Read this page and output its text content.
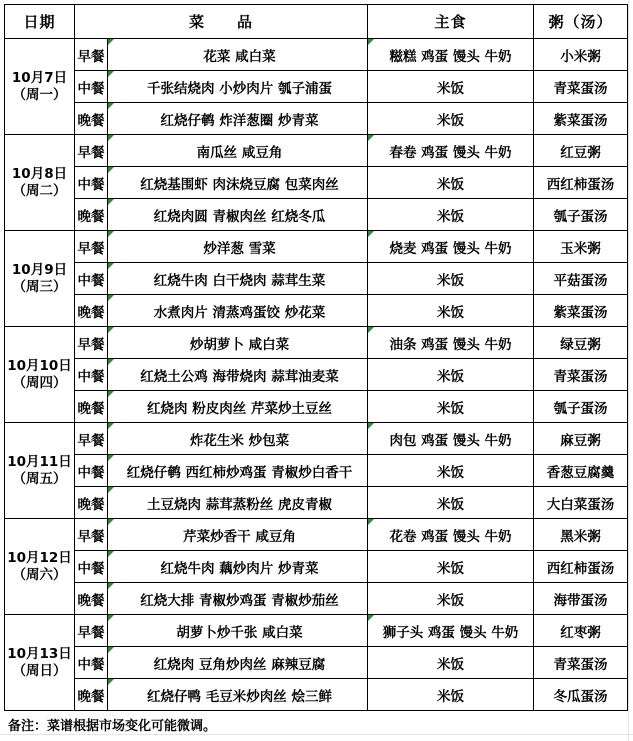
日期	菜　　品		主食	粥（汤）

10月7日
（周一）	早餐	花菜 咸白菜	糍糕 鸡蛋 馒头 牛奶	小米粥
	中餐	千张结烧肉 小炒肉片 瓠子浦蛋	米饭	青菜蛋汤
	晚餐	红烧仔鹌 炸洋葱圈 炒青菜	米饭	紫菜蛋汤

10月8日
（周二）	早餐	南瓜丝 咸豆角	春卷 鸡蛋 馒头 牛奶	红豆粥
	中餐	红烧基围虾 肉沫烧豆腐 包菜肉丝	米饭	西红柿蛋汤
	晚餐	红烧肉圆 青椒肉丝 红烧冬瓜	米饭	瓠子蛋汤

10月9日
（周三）	早餐	炒洋葱 雪菜	烧麦 鸡蛋 馒头 牛奶	玉米粥
	中餐	红烧牛肉 白干烧肉 蒜茸生菜	米饭	平菇蛋汤
	晚餐	水煮肉片 清蒸鸡蛋饺 炒花菜	米饭	紫菜蛋汤

10月10日
（周四）	早餐	炒胡萝卜 咸白菜	油条 鸡蛋 馒头 牛奶	绿豆粥
	中餐	红烧土公鸡 海带烧肉 蒜茸油麦菜	米饭	青菜蛋汤
	晚餐	红烧肉 粉皮肉丝 芹菜炒土豆丝	米饭	瓠子蛋汤

10月11日
（周五）	早餐	炸花生米 炒包菜	肉包 鸡蛋 馒头 牛奶	麻豆粥
	中餐	红烧仔鹌 西红柿炒鸡蛋 青椒炒白香干	米饭	香葱豆腐羹
	晚餐	土豆烧肉 蒜茸蒸粉丝 虎皮青椒	米饭	大白菜蛋汤

10月12日
（周六）	早餐	芹菜炒香干 咸豆角	花卷 鸡蛋 馒头 牛奶	黑米粥
	中餐	红烧牛肉 藕炒肉片 炒青菜	米饭	西红柿蛋汤
	晚餐	红烧大排 青椒炒鸡蛋 青椒炒茄丝	米饭	海带蛋汤

10月13日
（周日）	早餐	胡萝卜炒千张 咸白菜	狮子头 鸡蛋 馒头 牛奶	红枣粥
	中餐	红烧肉 豆角炒肉丝 麻辣豆腐	米饭	青菜蛋汤
	晚餐	红烧仔鸭 毛豆米炒肉丝 烩三鲜	米饭	冬瓜蛋汤
备注：菜谱根据市场变化可能微调。
